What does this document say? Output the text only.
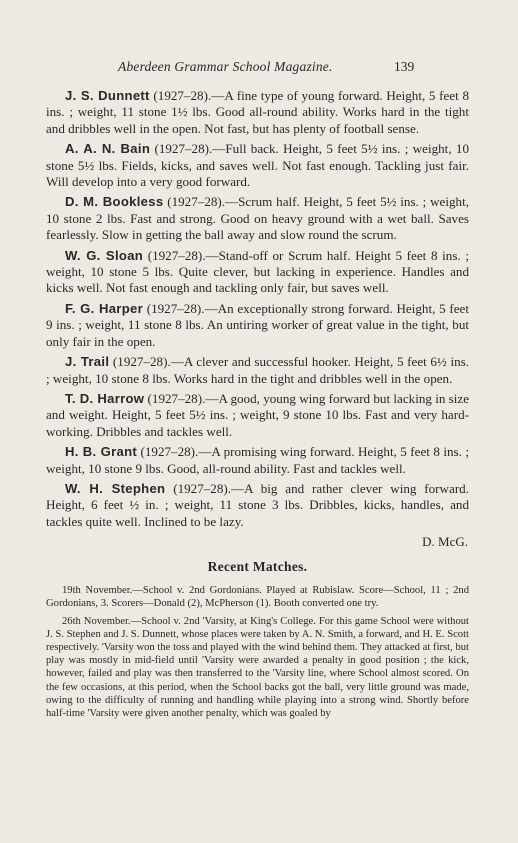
Aberdeen Grammar School Magazine.	139

J. S. Dunnett (1927–28).—A fine type of young forward. Height, 5 feet 8 ins. ; weight, 11 stone 1½ lbs. Good all-round ability. Works hard in the tight and dribbles well in the open. Not fast, but has plenty of football sense.

A. A. N. Bain (1927–28).—Full back. Height, 5 feet 5½ ins. ; weight, 10 stone 5½ lbs. Fields, kicks, and saves well. Not fast enough. Tackling just fair. Will develop into a very good forward.

D. M. Bookless (1927–28).—Scrum half. Height, 5 feet 5½ ins. ; weight, 10 stone 2 lbs. Fast and strong. Good on heavy ground with a wet ball. Saves fearlessly. Slow in getting the ball away and slow round the scrum.

W. G. Sloan (1927–28).—Stand-off or Scrum half. Height 5 feet 8 ins. ; weight, 10 stone 5 lbs. Quite clever, but lacking in experience. Handles and kicks well. Not fast enough and tackling only fair, but saves well.

F. G. Harper (1927–28).—An exceptionally strong forward. Height, 5 feet 9 ins. ; weight, 11 stone 8 lbs. An untiring worker of great value in the tight, but only fair in the open.

J. Trail (1927–28).—A clever and successful hooker. Height, 5 feet 6½ ins. ; weight, 10 stone 8 lbs. Works hard in the tight and dribbles well in the open.

T. D. Harrow (1927–28).—A good, young wing forward but lacking in size and weight. Height, 5 feet 5½ ins. ; weight, 9 stone 10 lbs. Fast and very hard-working. Dribbles and tackles well.

H. B. Grant (1927–28).—A promising wing forward. Height, 5 feet 8 ins. ; weight, 10 stone 9 lbs. Good, all-round ability. Fast and tackles well.

W. H. Stephen (1927–28).—A big and rather clever wing forward. Height, 6 feet ½ in. ; weight, 11 stone 3 lbs. Dribbles, kicks, handles, and tackles quite well. Inclined to be lazy.

D. McG.

Recent Matches.

19th November.—School v. 2nd Gordonians. Played at Rubislaw. Score—School, 11 ; 2nd Gordonians, 3. Scorers—Donald (2), McPherson (1). Booth converted one try.

26th November.—School v. 2nd 'Varsity, at King's College. For this game School were without J. S. Stephen and J. S. Dunnett, whose places were taken by A. N. Smith, a forward, and H. E. Scott respectively. 'Varsity won the toss and played with the wind behind them. They attacked at first, but play was mostly in mid-field until 'Varsity were awarded a penalty in good position ; the kick, however, failed and play was then transferred to the 'Varsity line, where School almost scored. On the few occasions, at this period, when the School backs got the ball, very little ground was made, owing to the difficulty of running and handling while playing into a strong wind. Shortly before half-time 'Varsity were given another penalty, which was goaled by
